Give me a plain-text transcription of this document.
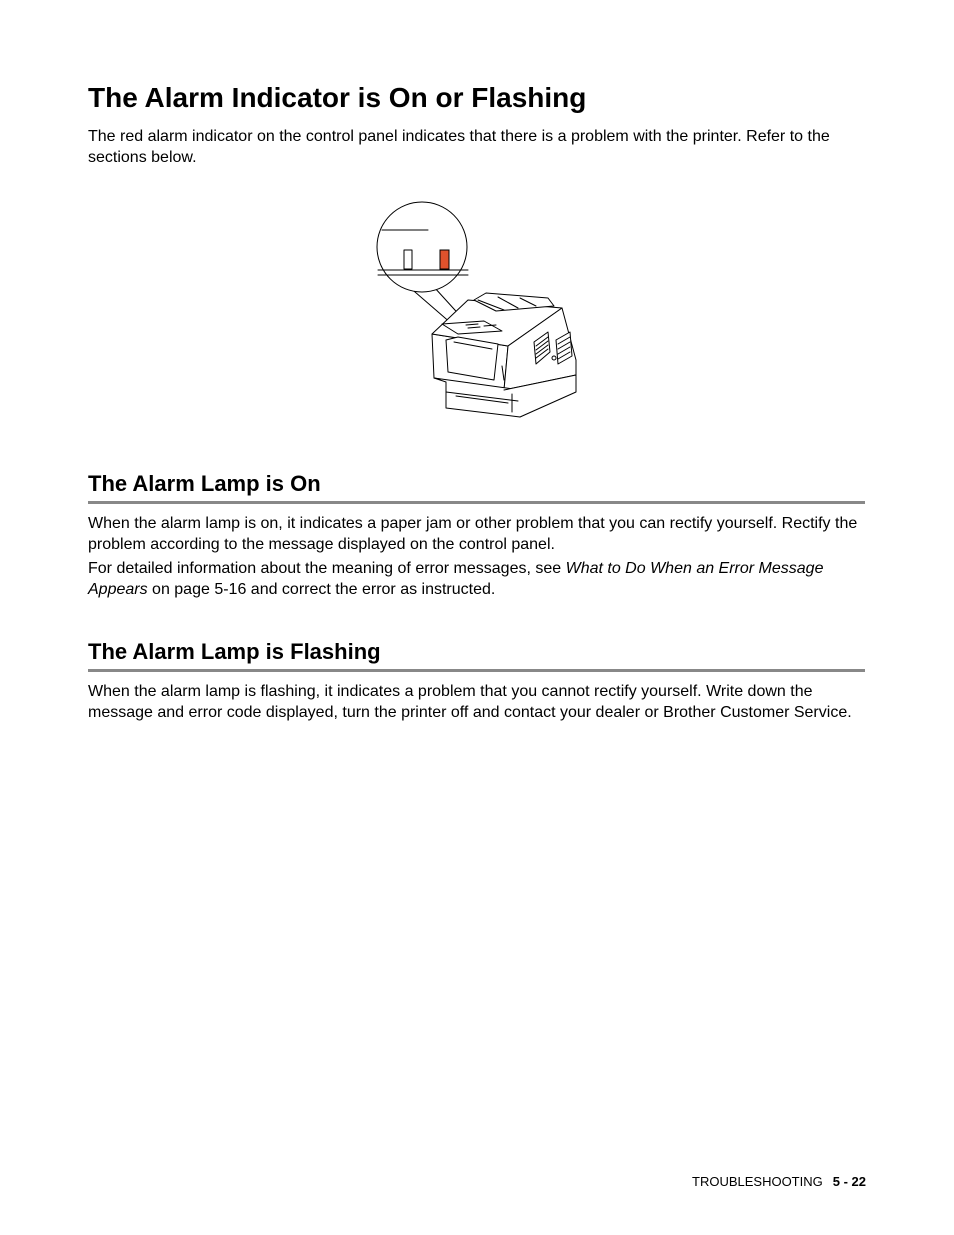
The Alarm Indicator is On or Flashing

The red alarm indicator on the control panel indicates that there is a problem with the printer. Refer to the sections below.

The Alarm Lamp is On

When the alarm lamp is on, it indicates a paper jam or other problem that you can rectify yourself. Rectify the problem according to the message displayed on the control panel.

For detailed information about the meaning of error messages, see What to Do When an Error Message Appears on page 5-16 and correct the error as instructed.

The Alarm Lamp is Flashing

When the alarm lamp is flashing, it indicates a problem that you cannot rectify yourself. Write down the message and error code displayed, turn the printer off and contact your dealer or Brother Customer Service.

TROUBLESHOOTING 5 - 22
